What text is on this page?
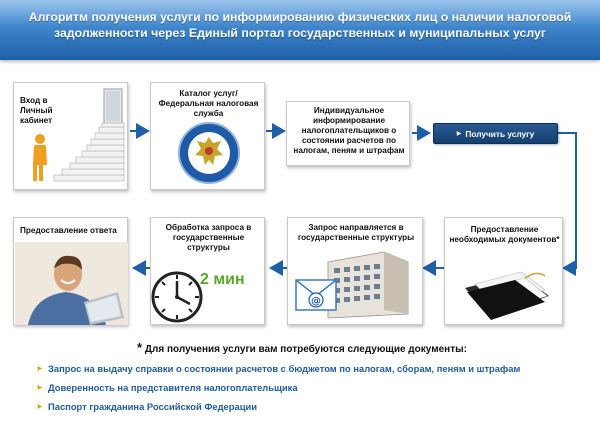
Алгоритм получения услуги по информированию физических лиц о наличии налоговой задолженности через Единый портал государственных и муниципальных услуг
Вход в Личный кабинет
Каталог услуг/ Федеральная налоговая служба	Индивидуальное информирование налогоплательщиков о состоянии расчетов по налогам, пеням и штрафам
▶ Получить услугу
Предоставление ответа	Обработка запроса в государственные структуры
2 мин
Запрос направляется в государственные структуры
@
Предоставление необходимых документов*
* Для получения услуги вам потребуются следующие документы:
➤ Запрос на выдачу справки о состоянии расчетов с бюджетом по налогам, сборам, пеням и штрафам
➤ Доверенность на представителя налогоплательщика
➤ Паспорт гражданина Российской Федерации
